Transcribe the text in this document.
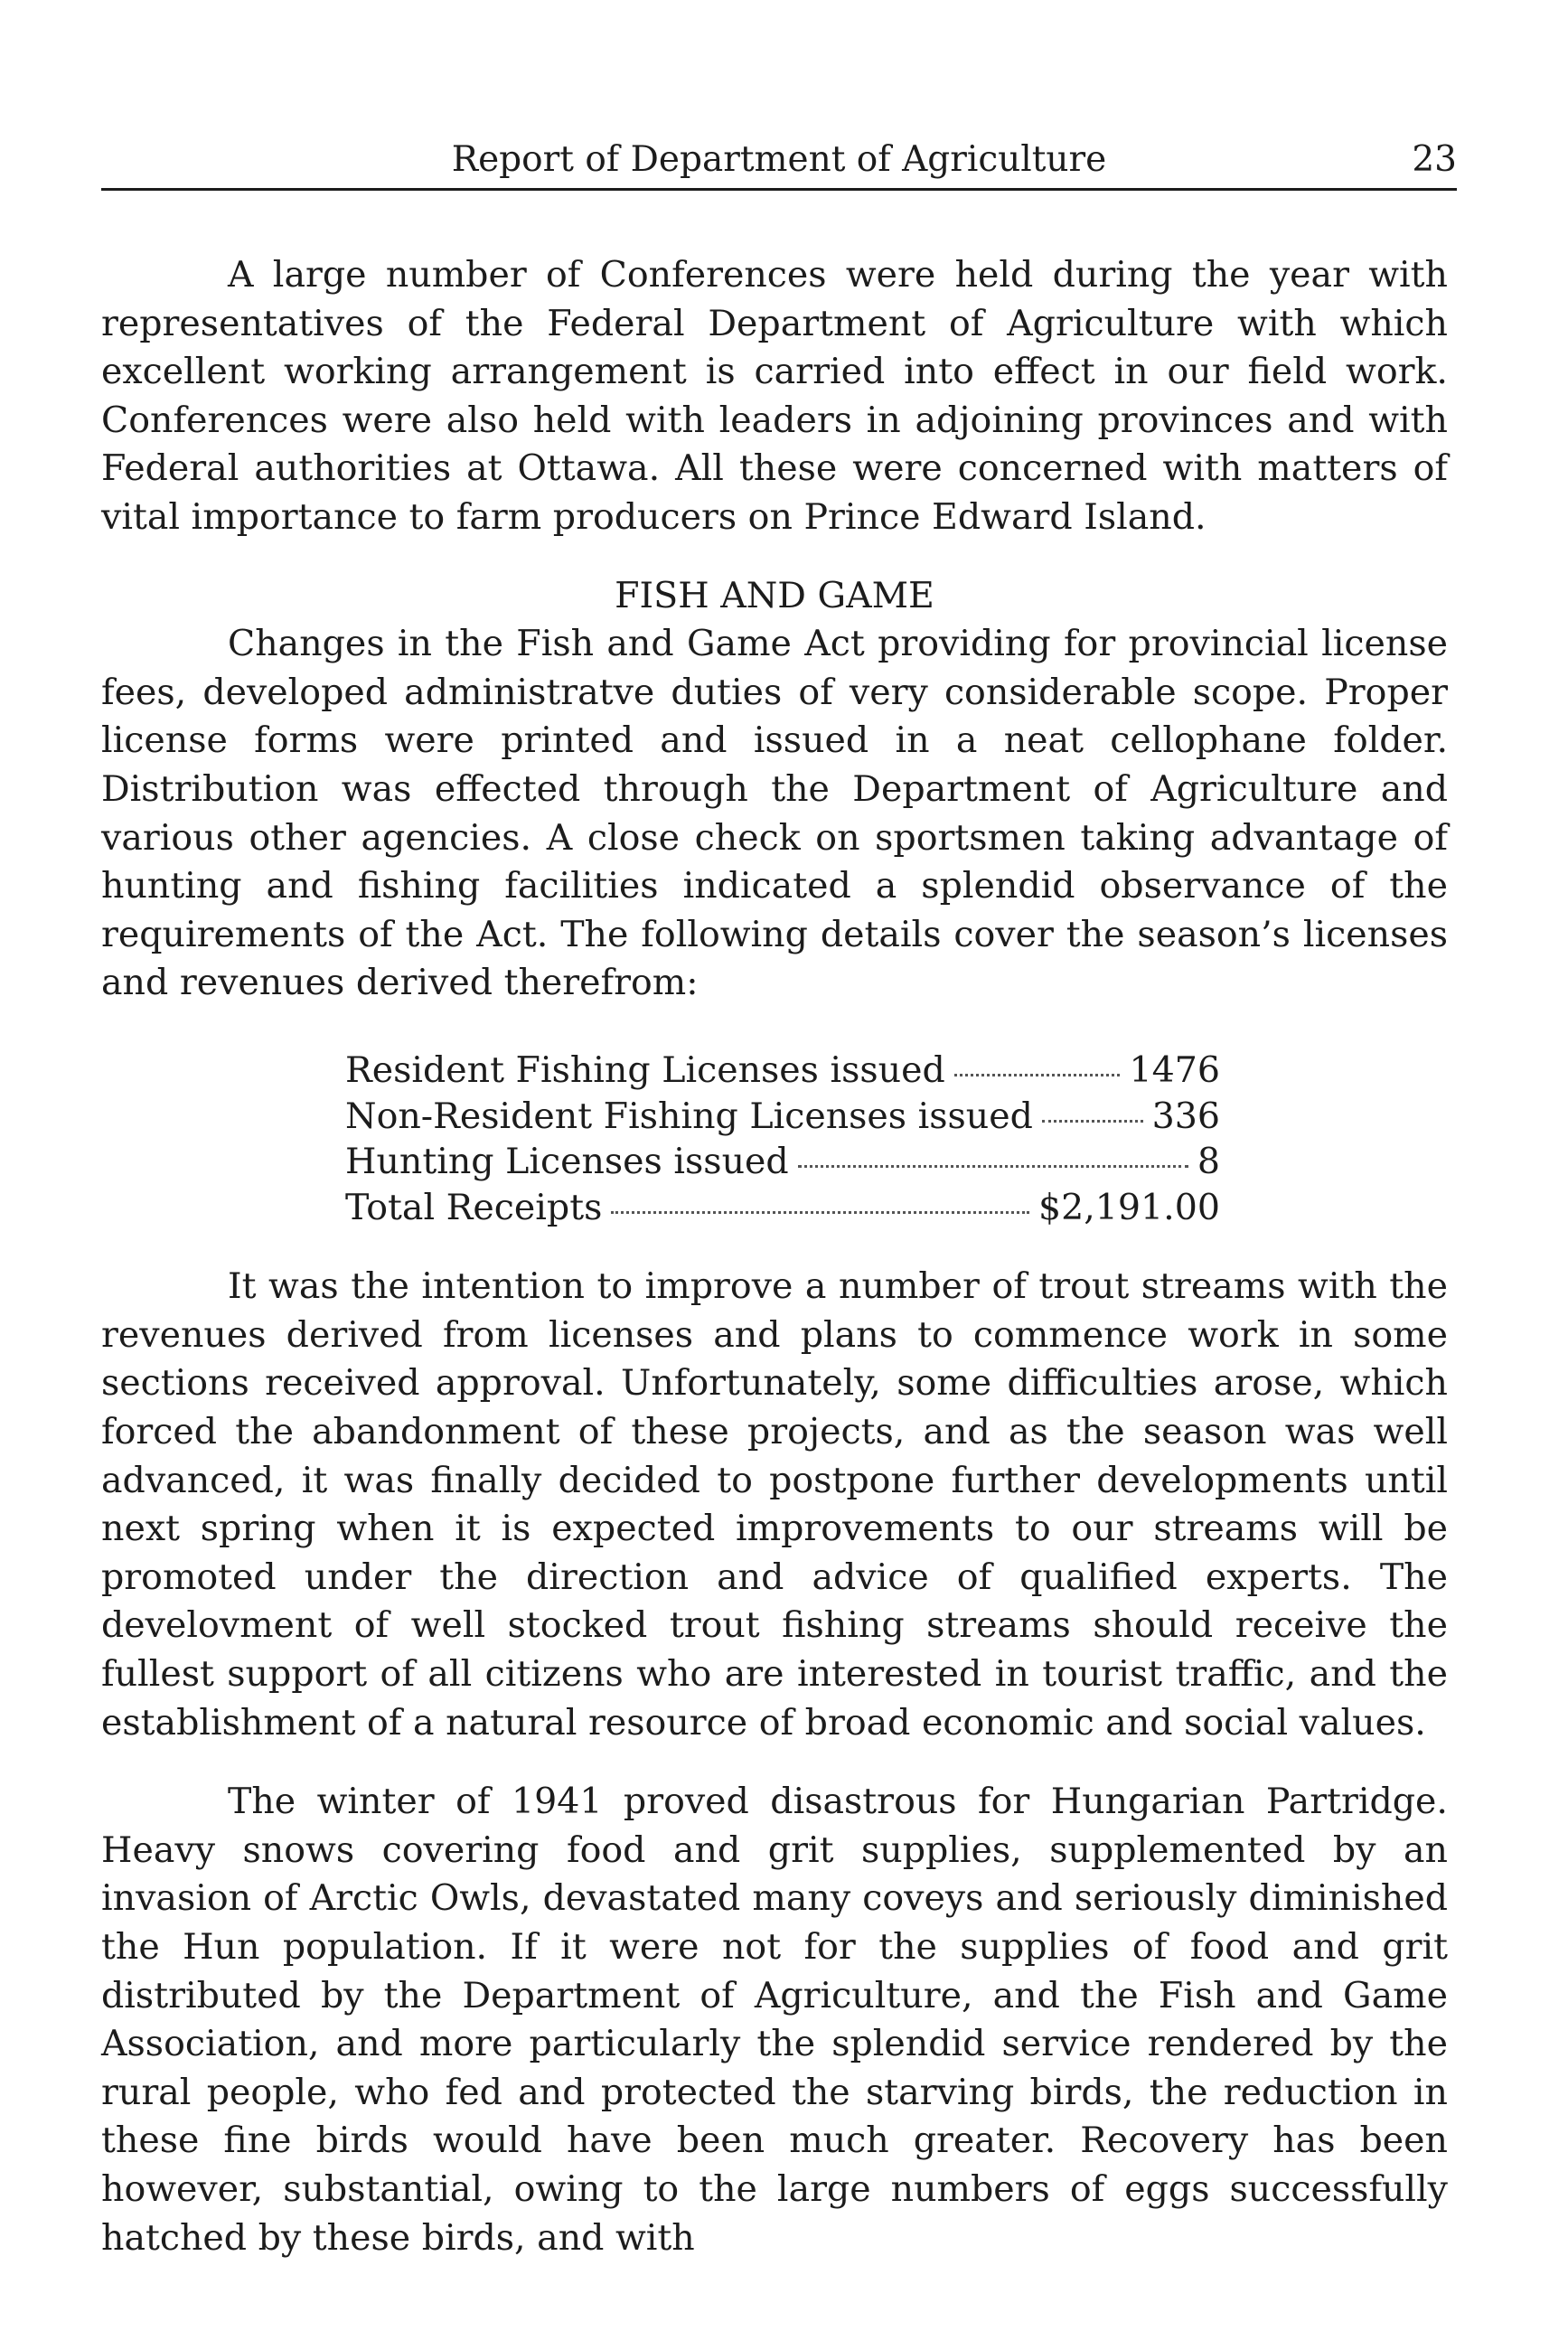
Report of Department of Agriculture	23

A large number of Conferences were held during the year with representatives of the Federal Department of Agriculture with which excellent working arrangement is carried into effect in our field work. Conferences were also held with leaders in adjoining provinces and with Federal authorities at Ottawa. All these were concerned with matters of vital importance to farm producers on Prince Edward Island.

FISH AND GAME

Changes in the Fish and Game Act providing for provincial license fees, developed administratve duties of very considerable scope. Proper license forms were printed and issued in a neat cellophane folder. Distribution was effected through the Department of Agriculture and various other agencies. A close check on sportsmen taking advantage of hunting and fishing facilities indicated a splendid observance of the requirements of the Act. The following details cover the season’s licenses and revenues derived therefrom:

Resident Fishing Licenses issued	1476
Non-Resident Fishing Licenses issued	336
Hunting Licenses issued	8
Total Receipts	$2,191.00

It was the intention to improve a number of trout streams with the revenues derived from licenses and plans to commence work in some sections received approval. Unfortunately, some difficulties arose, which forced the abandonment of these projects, and as the season was well advanced, it was finally decided to postpone further developments until next spring when it is expected improvements to our streams will be promoted under the direction and advice of qualified experts. The develovment of well stocked trout fishing streams should receive the fullest support of all citizens who are interested in tourist traffic, and the establishment of a natural resource of broad economic and social values.

The winter of 1941 proved disastrous for Hungarian Partridge. Heavy snows covering food and grit supplies, supplemented by an invasion of Arctic Owls, devastated many coveys and seriously diminished the Hun population. If it were not for the supplies of food and grit distributed by the Department of Agriculture, and the Fish and Game Association, and more particularly the splendid service rendered by the rural people, who fed and protected the starving birds, the reduction in these fine birds would have been much greater. Recovery has been however, substantial, owing to the large numbers of eggs successfully hatched by these birds, and with
